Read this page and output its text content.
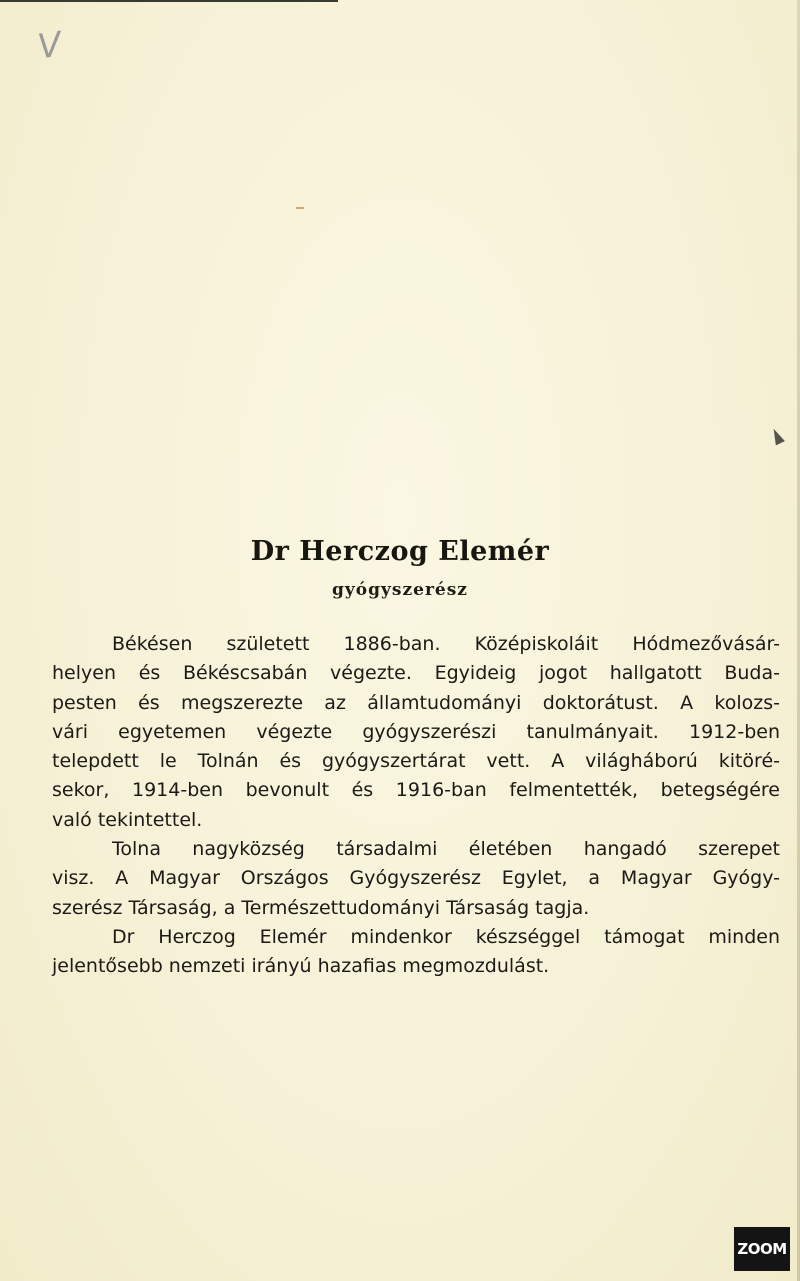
V
Dr Herczog Elemér
gyógyszerész
Békésen született 1886-ban. Középiskoláit Hódmezővásár-
helyen és Békéscsabán végezte. Egyideig jogot hallgatott Buda-
pesten és megszerezte az államtudományi doktorátust. A kolozs-
vári egyetemen végezte gyógyszerészi tanulmányait. 1912-ben
telepdett le Tolnán és gyógyszertárat vett. A világháború kitöré-
sekor, 1914-ben bevonult és 1916-ban felmentették, betegségére
való tekintettel.
Tolna nagyközség társadalmi életében hangadó szerepet
visz. A Magyar Országos Gyógyszerész Egylet, a Magyar Gyógy-
szerész Társaság, a Természettudományi Társaság tagja.
Dr Herczog Elemér mindenkor készséggel támogat minden
jelentősebb nemzeti irányú hazafias megmozdulást.
ZOOM
